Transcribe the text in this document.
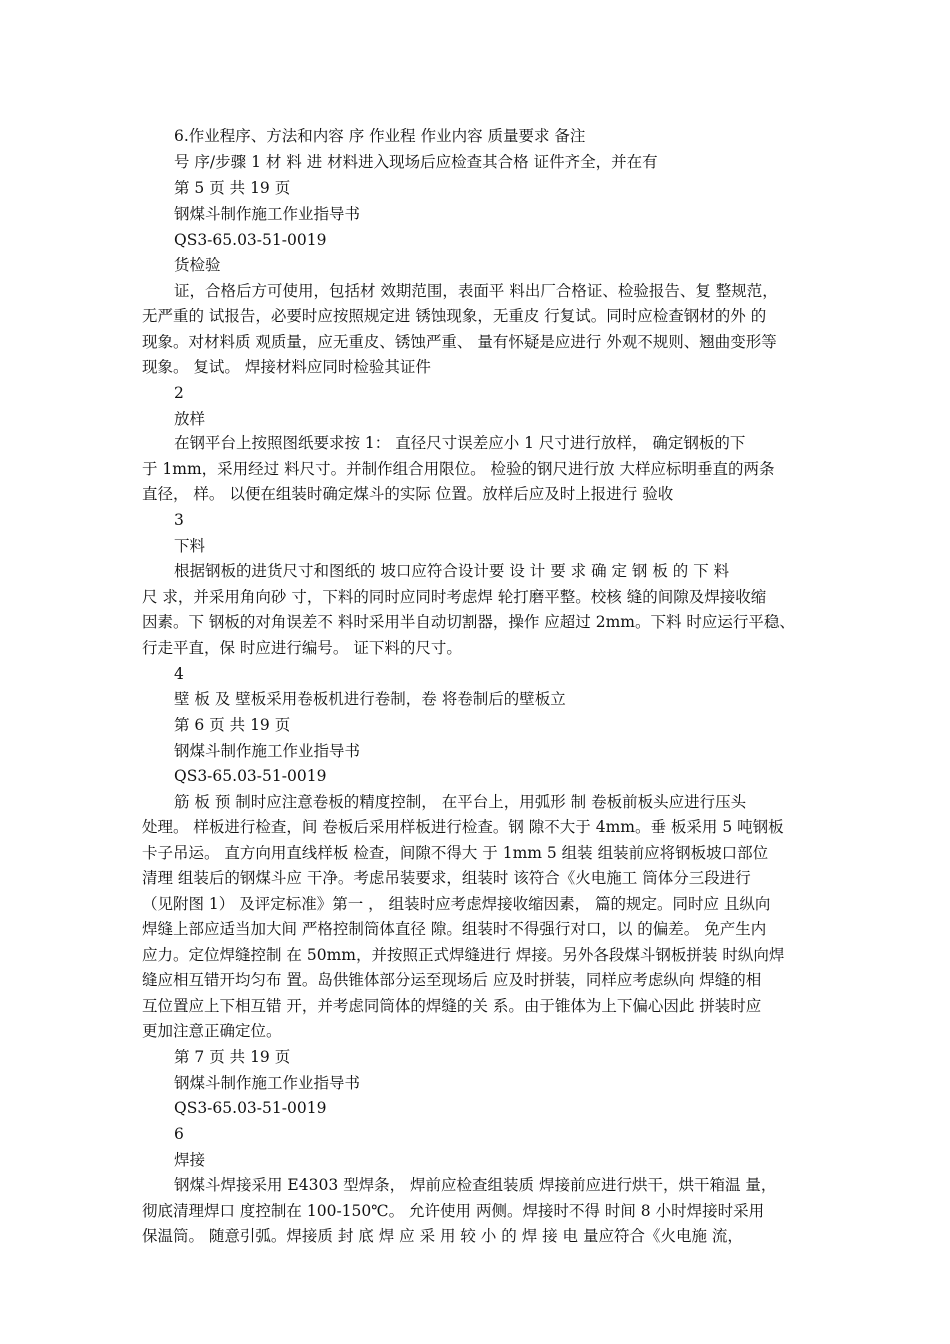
6.作业程序、方法和内容 序 作业程 作业内容 质量要求 备注
号 序/步骤 1 材 料 进 材料进入现场后应检查其合格 证件齐全，并在有
第 5 页 共 19 页
钢煤斗制作施工作业指导书
QS3-65.03-51-0019
货检验
证，合格后方可使用，包括材 效期范围，表面平 料出厂合格证、检验报告、复 整规范，
无严重的 试报告，必要时应按照规定进 锈蚀现象，无重皮 行复试。同时应检查钢材的外 的
现象。对材料质 观质量，应无重皮、锈蚀严重、 量有怀疑是应进行 外观不规则、翘曲变形等
现象。 复试。 焊接材料应同时检验其证件
2
放样
在钢平台上按照图纸要求按 1： 直径尺寸误差应小 1 尺寸进行放样， 确定钢板的下
于 1mm，采用经过 料尺寸。并制作组合用限位。 检验的钢尺进行放 大样应标明垂直的两条
直径， 样。 以便在组装时确定煤斗的实际 位置。放样后应及时上报进行 验收
3
下料
根据钢板的进货尺寸和图纸的 坡口应符合设计要 设 计 要 求 确 定 钢 板 的 下 料
尺 求，并采用角向砂 寸，下料的同时应同时考虑焊 轮打磨平整。校核 缝的间隙及焊接收缩
因素。下 钢板的对角误差不 料时采用半自动切割器，操作 应超过 2mm。下料 时应运行平稳、
行走平直，保 时应进行编号。 证下料的尺寸。
4
壁 板 及 壁板采用卷板机进行卷制，卷 将卷制后的壁板立
第 6 页 共 19 页
钢煤斗制作施工作业指导书
QS3-65.03-51-0019
筋 板 预 制时应注意卷板的精度控制， 在平台上，用弧形 制 卷板前板头应进行压头
处理。 样板进行检查，间 卷板后采用样板进行检查。钢 隙不大于 4mm。垂 板采用 5 吨钢板
卡子吊运。 直方向用直线样板 检查，间隙不得大 于 1mm 5 组装 组装前应将钢板坡口部位
清理 组装后的钢煤斗应 干净。考虑吊装要求，组装时 该符合《火电施工 筒体分三段进行
（见附图 1） 及评定标准》第一 ， 组装时应考虑焊接收缩因素， 篇的规定。同时应 且纵向
焊缝上部应适当加大间 严格控制筒体直径 隙。组装时不得强行对口，以 的偏差。 免产生内
应力。定位焊缝控制 在 50mm，并按照正式焊缝进行 焊接。另外各段煤斗钢板拼装 时纵向焊
缝应相互错开均匀布 置。岛供锥体部分运至现场后 应及时拼装，同样应考虑纵向 焊缝的相
互位置应上下相互错 开，并考虑同筒体的焊缝的关 系。由于锥体为上下偏心因此 拼装时应
更加注意正确定位。
第 7 页 共 19 页
钢煤斗制作施工作业指导书
QS3-65.03-51-0019
6
焊接
钢煤斗焊接采用 E4303 型焊条， 焊前应检查组装质 焊接前应进行烘干，烘干箱温 量，
彻底清理焊口 度控制在 100-150℃。 允许使用 两侧。焊接时不得 时间 8 小时焊接时采用
保温筒。 随意引弧。焊接质 封 底 焊 应 采 用 较 小 的 焊 接 电 量应符合《火电施 流，
